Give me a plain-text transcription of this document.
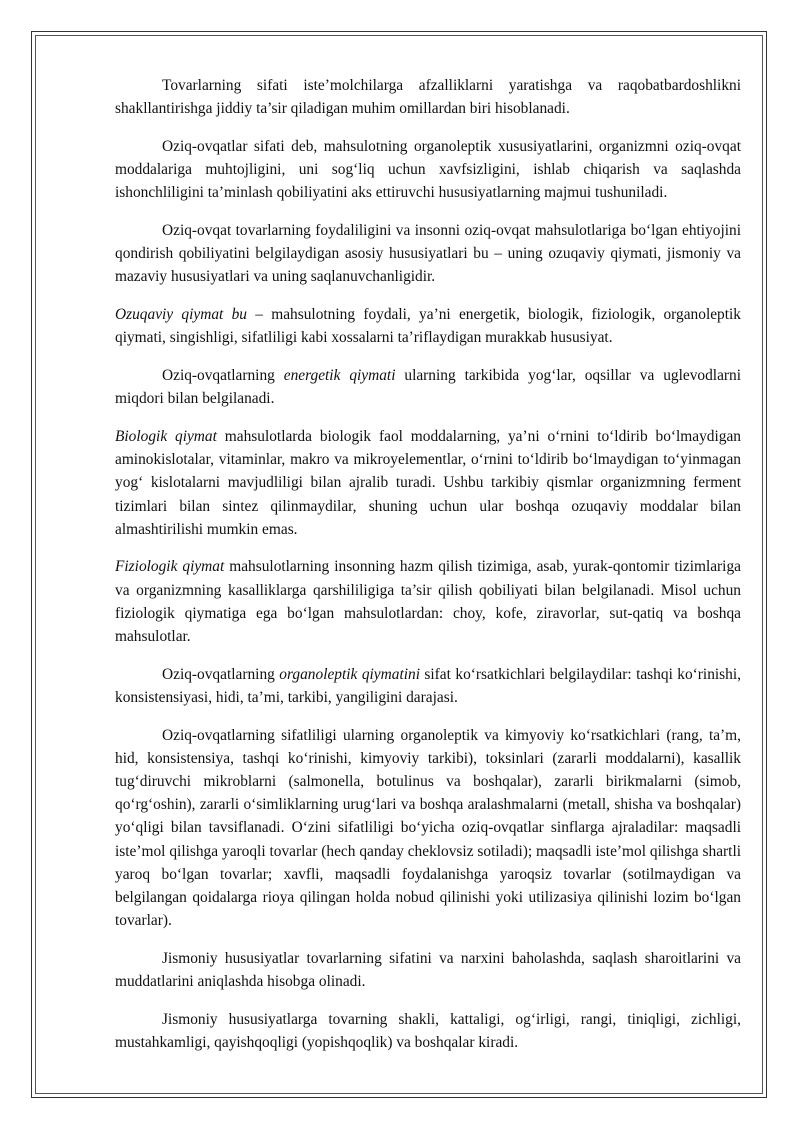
Tovarlarning sifati iste’molchilarga afzalliklarni yaratishga va raqobatbardoshlikni shakllantirishga jiddiy ta’sir qiladigan muhim omillardan biri hisoblanadi.

Oziq-ovqatlar sifati deb, mahsulotning organoleptik xususiyatlarini, organizmni oziq-ovqat moddalariga muhtojligini, uni sog‘liq uchun xavfsizligini, ishlab chiqarish va saqlashda ishonchliligini ta’minlash qobiliyatini aks ettiruvchi hususiyatlarning majmui tushuniladi.

Oziq-ovqat tovarlarning foydaliligini va insonni oziq-ovqat mahsulotlariga bo‘lgan ehtiyojini qondirish qobiliyatini belgilaydigan asosiy hususiyatlari bu – uning ozuqaviy qiymati, jismoniy va mazaviy hususiyatlari va uning saqlanuvchanligidir.

Ozuqaviy qiymat bu – mahsulotning foydali, ya’ni energetik, biologik, fiziologik, organoleptik qiymati, singishligi, sifatliligi kabi xossalarni ta’riflaydigan murakkab hususiyat.

Oziq-ovqatlarning energetik qiymati ularning tarkibida yog‘lar, oqsillar va uglevodlarni miqdori bilan belgilanadi.

Biologik qiymat mahsulotlarda biologik faol moddalarning, ya’ni o‘rnini to‘ldirib bo‘lmaydigan aminokislotalar, vitaminlar, makro va mikroyelementlar, o‘rnini to‘ldirib bo‘lmaydigan to‘yinmagan yog‘ kislotalarni mavjudliligi bilan ajralib turadi. Ushbu tarkibiy qismlar organizmning ferment tizimlari bilan sintez qilinmaydilar, shuning uchun ular boshqa ozuqaviy moddalar bilan almashtirilishi mumkin emas.

Fiziologik qiymat mahsulotlarning insonning hazm qilish tizimiga, asab, yurak-qontomir tizimlariga va organizmning kasalliklarga qarshililigiga ta’sir qilish qobiliyati bilan belgilanadi. Misol uchun fiziologik qiymatiga ega bo‘lgan mahsulotlardan: choy, kofe, ziravorlar, sut-qatiq va boshqa mahsulotlar.

Oziq-ovqatlarning organoleptik qiymatini sifat ko‘rsatkichlari belgilaydilar: tashqi ko‘rinishi, konsistensiyasi, hidi, ta’mi, tarkibi, yangiligini darajasi.

Oziq-ovqatlarning sifatliligi ularning organoleptik va kimyoviy ko‘rsatkichlari (rang, ta’m, hid, konsistensiya, tashqi ko‘rinishi, kimyoviy tarkibi), toksinlari (zararli moddalarni), kasallik tug‘diruvchi mikroblarni (salmonella, botulinus va boshqalar), zararli birikmalarni (simob, qo‘rg‘oshin), zararli o‘simliklarning urug‘lari va boshqa aralashmalarni (metall, shisha va boshqalar) yo‘qligi bilan tavsiflanadi. O‘zini sifatliligi bo‘yicha oziq-ovqatlar sinflarga ajraladilar: maqsadli iste’mol qilishga yaroqli tovarlar (hech qanday cheklovsiz sotiladi); maqsadli iste’mol qilishga shartli yaroq bo‘lgan tovarlar; xavfli, maqsadli foydalanishga yaroqsiz tovarlar (sotilmaydigan va belgilangan qoidalarga rioya qilingan holda nobud qilinishi yoki utilizasiya qilinishi lozim bo‘lgan tovarlar).

Jismoniy hususiyatlar tovarlarning sifatini va narxini baholashda, saqlash sharoitlarini va muddatlarini aniqlashda hisobga olinadi.

Jismoniy hususiyatlarga tovarning shakli, kattaligi, og‘irligi, rangi, tiniqligi, zichligi, mustahkamligi, qayishqoqligi (yopishqoqlik) va boshqalar kiradi.
